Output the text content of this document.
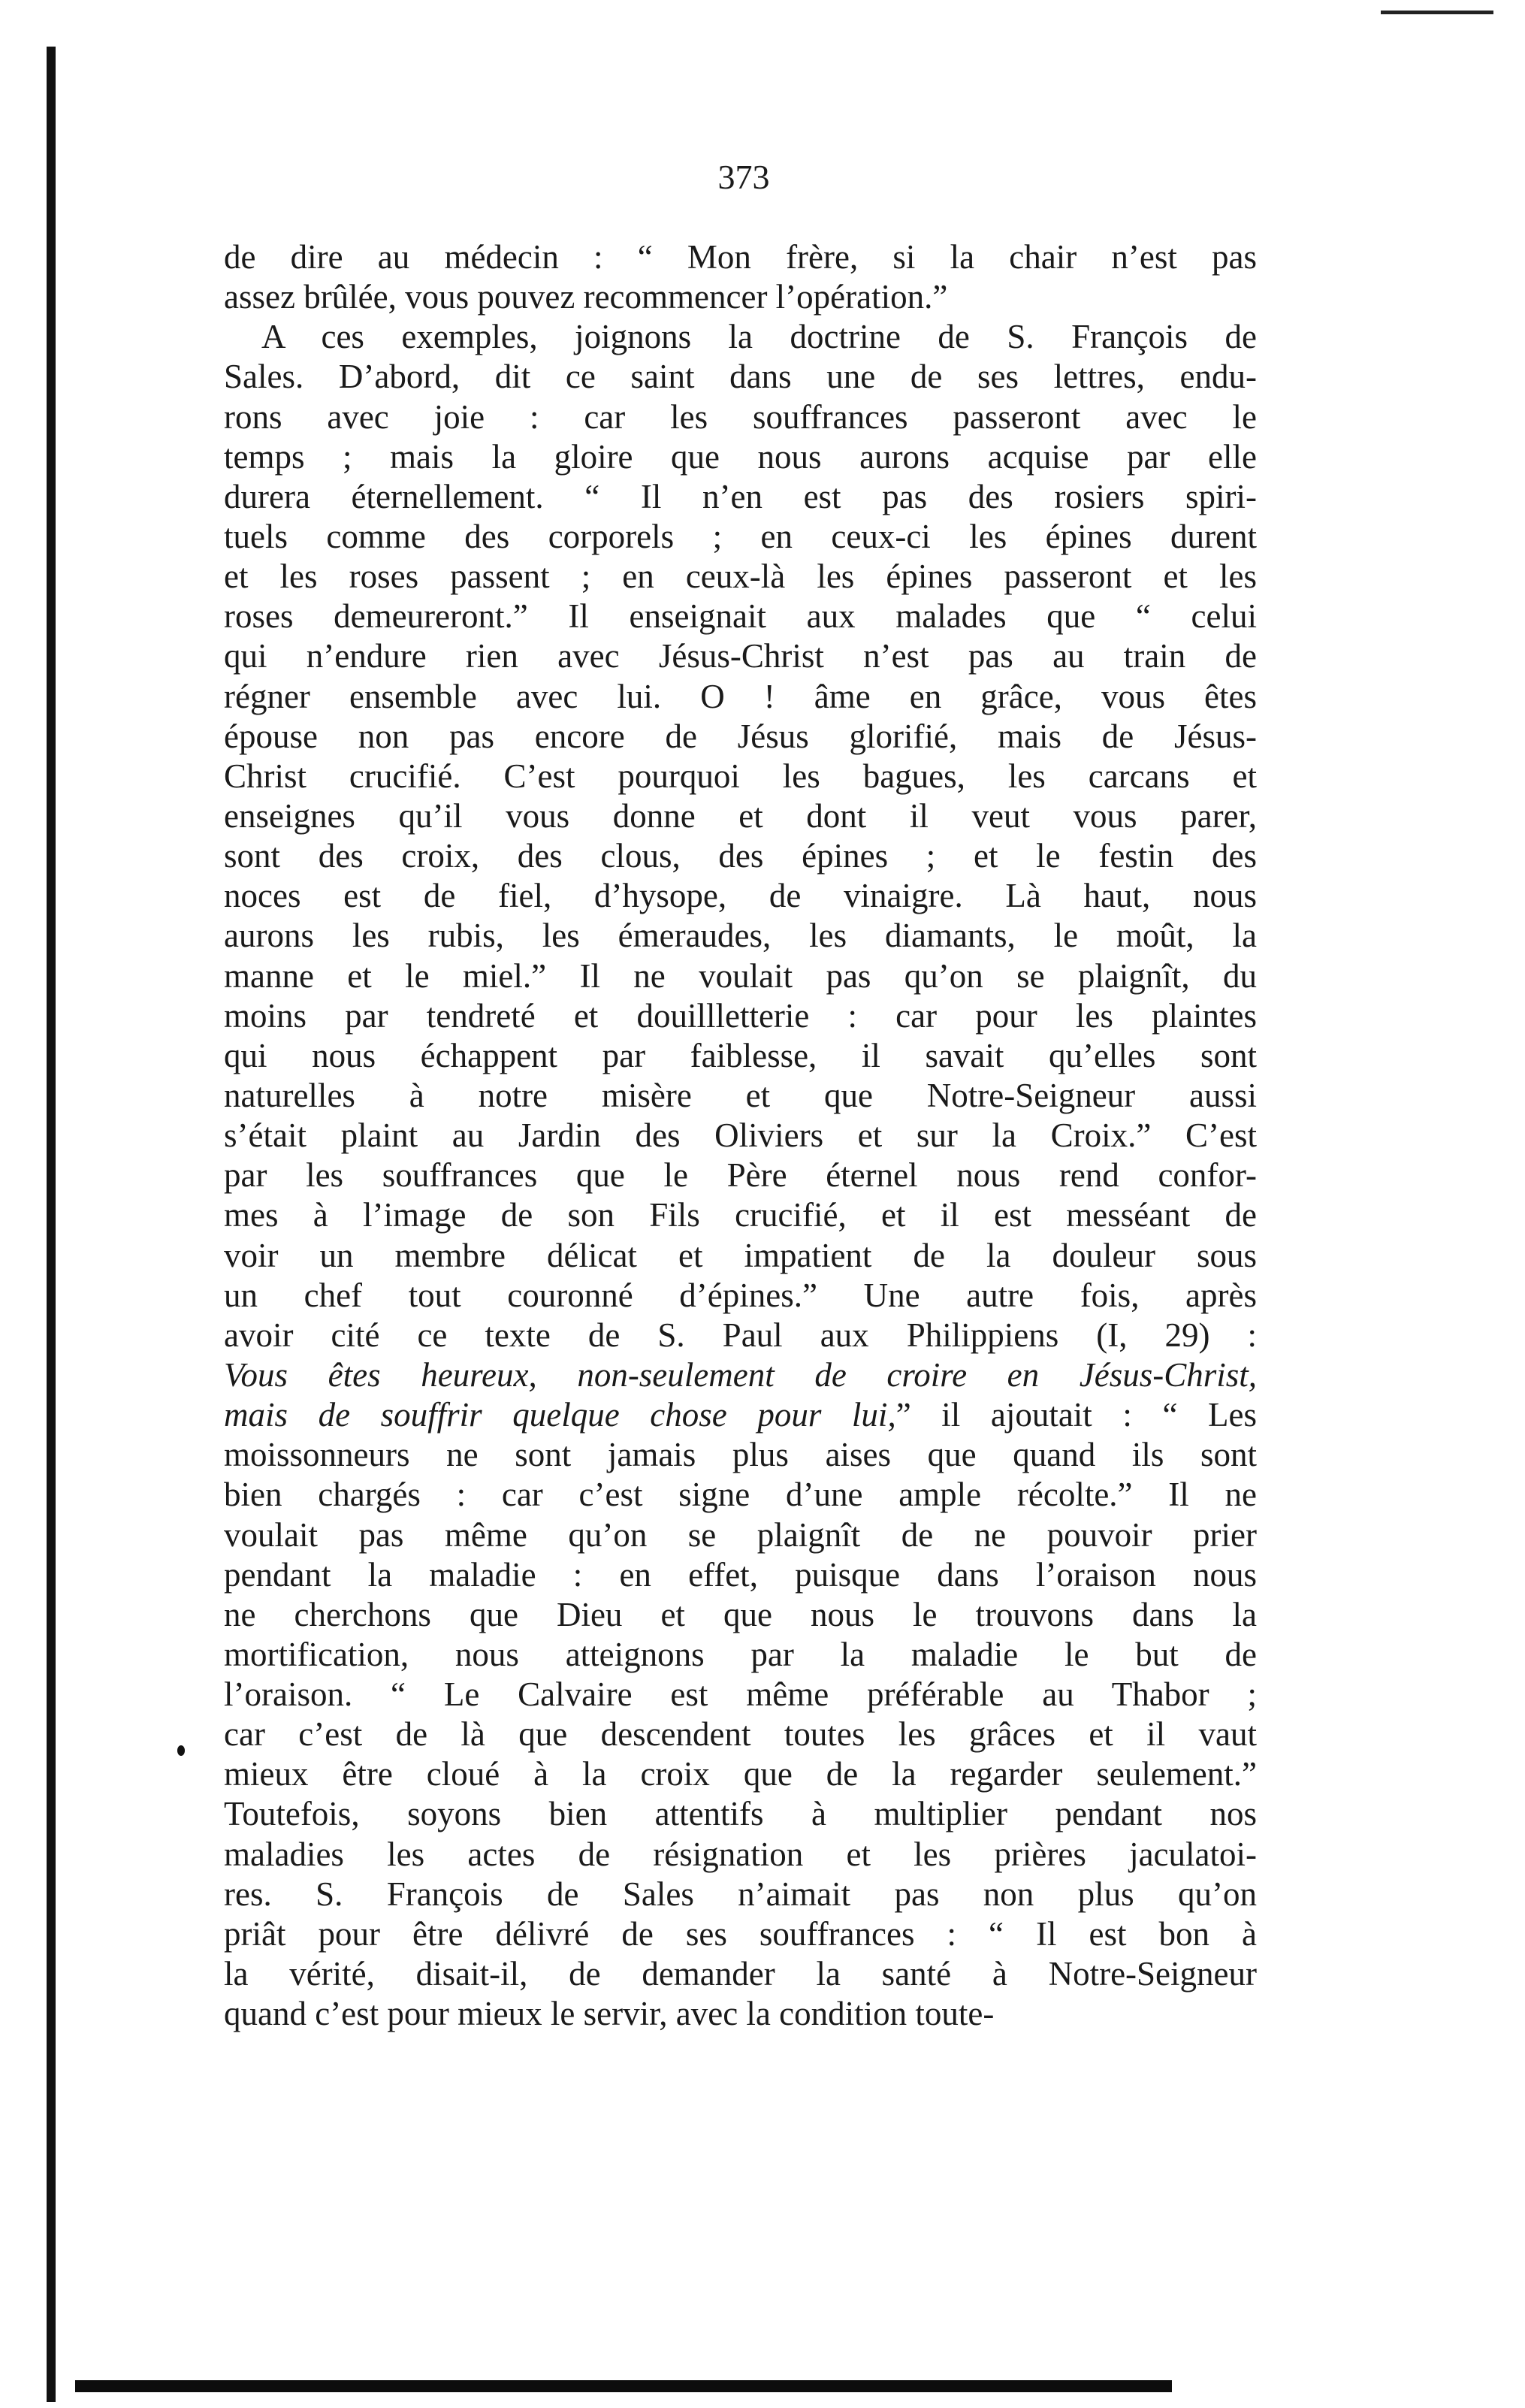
373
de dire au médecin : “ Mon frère, si la chair n’est pas
assez brûlée, vous pouvez recommencer l’opération.”
A ces exemples, joignons la doctrine de S. François de
Sales. D’abord, dit ce saint dans une de ses lettres, endu-
rons avec joie : car les souffrances passeront avec le
temps ; mais la gloire que nous aurons acquise par elle
durera éternellement. “ Il n’en est pas des rosiers spiri-
tuels comme des corporels ; en ceux-ci les épines durent
et les roses passent ; en ceux-là les épines passeront et les
roses demeureront.” Il enseignait aux malades que “ celui
qui n’endure rien avec Jésus-Christ n’est pas au train de
régner ensemble avec lui. O ! âme en grâce, vous êtes
épouse non pas encore de Jésus glorifié, mais de Jésus-
Christ crucifié. C’est pourquoi les bagues, les carcans et
enseignes qu’il vous donne et dont il veut vous parer,
sont des croix, des clous, des épines ; et le festin des
noces est de fiel, d’hysope, de vinaigre. Là haut, nous
aurons les rubis, les émeraudes, les diamants, le moût, la
manne et le miel.” Il ne voulait pas qu’on se plaignît, du
moins par tendreté et douillletterie : car pour les plaintes
qui nous échappent par faiblesse, il savait qu’elles sont
naturelles à notre misère et que Notre-Seigneur aussi
s’était plaint au Jardin des Oliviers et sur la Croix.” C’est
par les souffrances que le Père éternel nous rend confor-
mes à l’image de son Fils crucifié, et il est messéant de
voir un membre délicat et impatient de la douleur sous
un chef tout couronné d’épines.” Une autre fois, après
avoir cité ce texte de S. Paul aux Philippiens (I, 29) :
Vous êtes heureux, non-seulement de croire en Jésus-Christ,
mais de souffrir quelque chose pour lui,” il ajoutait : “ Les
moissonneurs ne sont jamais plus aises que quand ils sont
bien chargés : car c’est signe d’une ample récolte.” Il ne
voulait pas même qu’on se plaignît de ne pouvoir prier
pendant la maladie : en effet, puisque dans l’oraison nous
ne cherchons que Dieu et que nous le trouvons dans la
mortification, nous atteignons par la maladie le but de
l’oraison. “ Le Calvaire est même préférable au Thabor ;
car c’est de là que descendent toutes les grâces et il vaut
mieux être cloué à la croix que de la regarder seulement.”
Toutefois, soyons bien attentifs à multiplier pendant nos
maladies les actes de résignation et les prières jaculatoi-
res. S. François de Sales n’aimait pas non plus qu’on
priât pour être délivré de ses souffrances : “ Il est bon à
la vérité, disait-il, de demander la santé à Notre-Seigneur
quand c’est pour mieux le servir, avec la condition toute-
